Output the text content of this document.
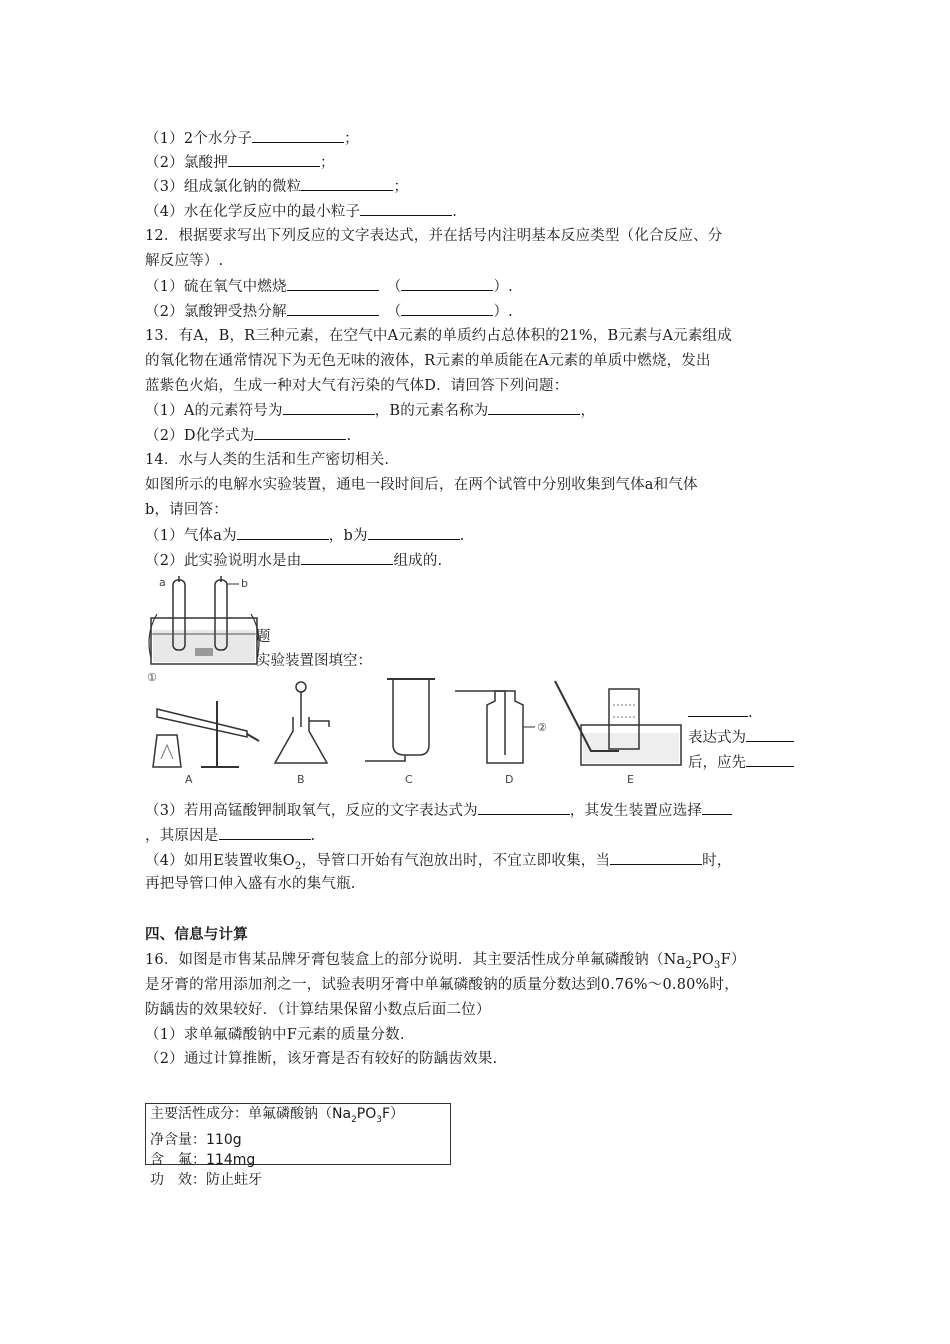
（1）2个水分子	；
（2）氯酸押	；
（3）组成氯化钠的微粒	；
（4）水在化学反应中的最小粒子	.
12．根据要求写出下列反应的文字表达式，并在括号内注明基本反应类型（化合反应、分
解反应等）.
（1）硫在氧气中燃烧	（	）.
（2）氯酸钾受热分解	（	）.
13．有A，B，R三种元素，在空气中A元素的单质约占总体积的21%，B元素与A元素组成
的氧化物在通常情况下为无色无味的液体，R元素的单质能在A元素的单质中燃烧，发出
蓝紫色火焰，生成一种对大气有污染的气体D．请回答下列问题：
（1）A的元素符号为	，B的元素名称为	，
（2）D化学式为	.
14．水与人类的生活和生产密切相关.
如图所示的电解水实验装置，通电一段时间后，在两个试管中分别收集到气体a和气体
b，请回答：
（1）气体a为	，b为	.
（2）此实验说明水是由	组成的.
a	b
题
实验装置图填空：
①
A	B	C
②
D	E
.
表达式为
后，应先
（3）若用高锰酸钾制取氧气，反应的文字表达式为	，其发生装置应选择
，其原因是	.
（4）如用E装置收集$O_2$，导管口开始有气泡放出时，不宜立即收集，当	时，
再把导管口伸入盛有水的集气瓶.
四、信息与计算
16．如图是市售某品牌牙膏包装盒上的部分说明．其主要活性成分单氟磷酸钠$(Na_2PO_3F)$
是牙膏的常用添加剂之一，试验表明牙膏中单氟磷酸钠的质量分数达到0.76%～0.80%时，
防龋齿的效果较好．（计算结果保留小数点后面二位）
（1）求单氟磷酸钠中F元素的质量分数.
（2）通过计算推断，该牙膏是否有较好的防龋齿效果.
主要活性成分：单氟磷酸钠$(Na_2PO_3F)$
净含量：110g
含　氟：114mg
功　效：防止蛀牙
